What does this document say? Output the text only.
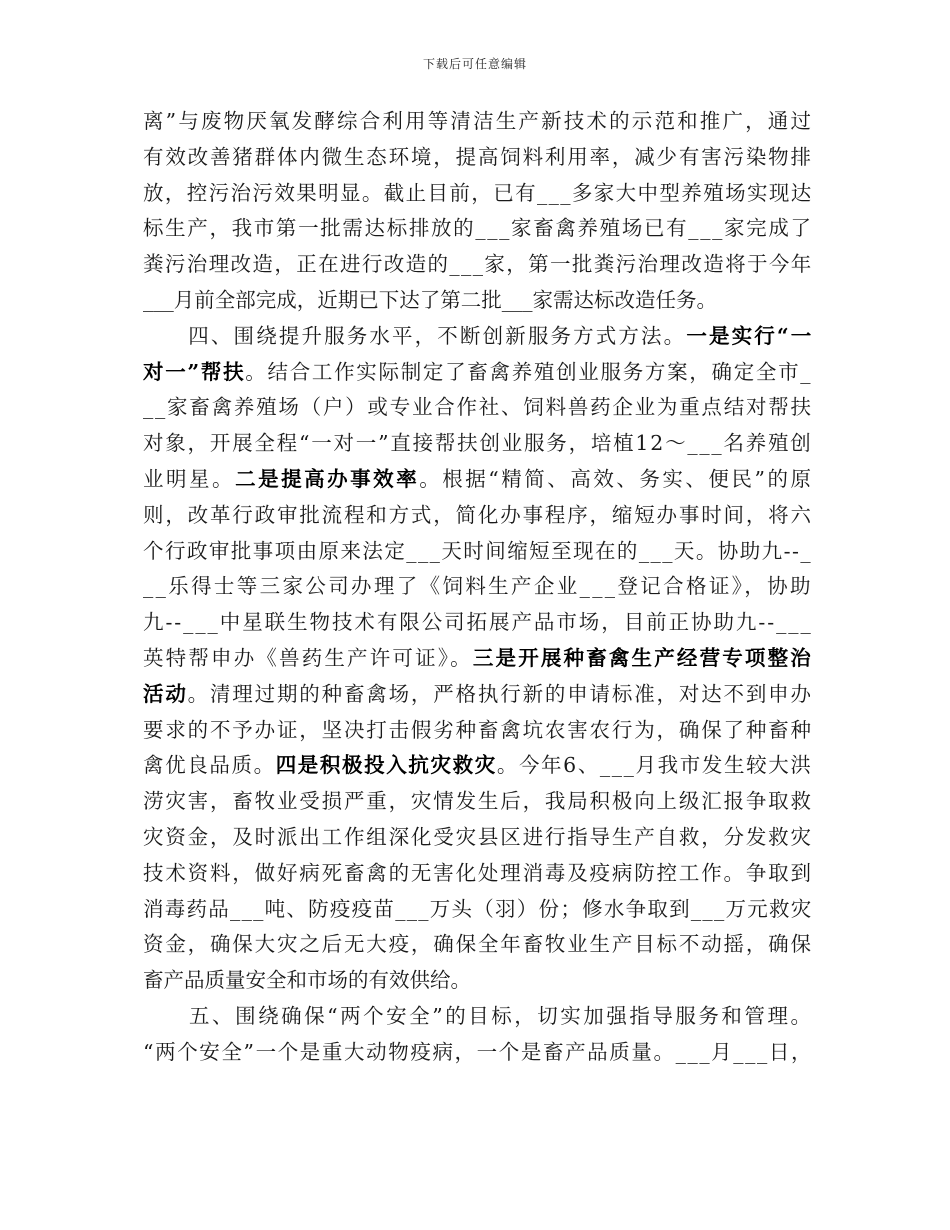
下载后可任意编辑
离”与废物厌氧发酵综合利用等清洁生产新技术的示范和推广，通过
有效改善猪群体内微生态环境，提高饲料利用率，减少有害污染物排
放，控污治污效果明显。截止目前，已有___多家大中型养殖场实现达
标生产，我市第一批需达标排放的___家畜禽养殖场已有___家完成了
粪污治理改造，正在进行改造的___家，第一批粪污治理改造将于今年
___月前全部完成，近期已下达了第二批___家需达标改造任务。
　　四、围绕提升服务水平，不断创新服务方式方法。一是实行“一
对一”帮扶。结合工作实际制定了畜禽养殖创业服务方案，确定全市_
__家畜禽养殖场（户）或专业合作社、饲料兽药企业为重点结对帮扶
对象，开展全程“一对一”直接帮扶创业服务，培植12～___名养殖创
业明星。二是提高办事效率。根据“精简、高效、务实、便民”的原
则，改革行政审批流程和方式，简化办事程序，缩短办事时间，将六
个行政审批事项由原来法定___天时间缩短至现在的___天。协助九--_
__乐得士等三家公司办理了《饲料生产企业___登记合格证》，协助
九--___中星联生物技术有限公司拓展产品市场，目前正协助九--___
英特帮申办《兽药生产许可证》。三是开展种畜禽生产经营专项整治
活动。清理过期的种畜禽场，严格执行新的申请标准，对达不到申办
要求的不予办证，坚决打击假劣种畜禽坑农害农行为，确保了种畜种
禽优良品质。四是积极投入抗灾救灾。今年6、___月我市发生较大洪
涝灾害，畜牧业受损严重，灾情发生后，我局积极向上级汇报争取救
灾资金，及时派出工作组深化受灾县区进行指导生产自救，分发救灾
技术资料，做好病死畜禽的无害化处理消毒及疫病防控工作。争取到
消毒药品___吨、防疫疫苗___万头（羽）份；修水争取到___万元救灾
资金，确保大灾之后无大疫，确保全年畜牧业生产目标不动摇，确保
畜产品质量安全和市场的有效供给。
　　五、围绕确保“两个安全”的目标，切实加强指导服务和管理。
“两个安全”一个是重大动物疫病，一个是畜产品质量。___月___日，
